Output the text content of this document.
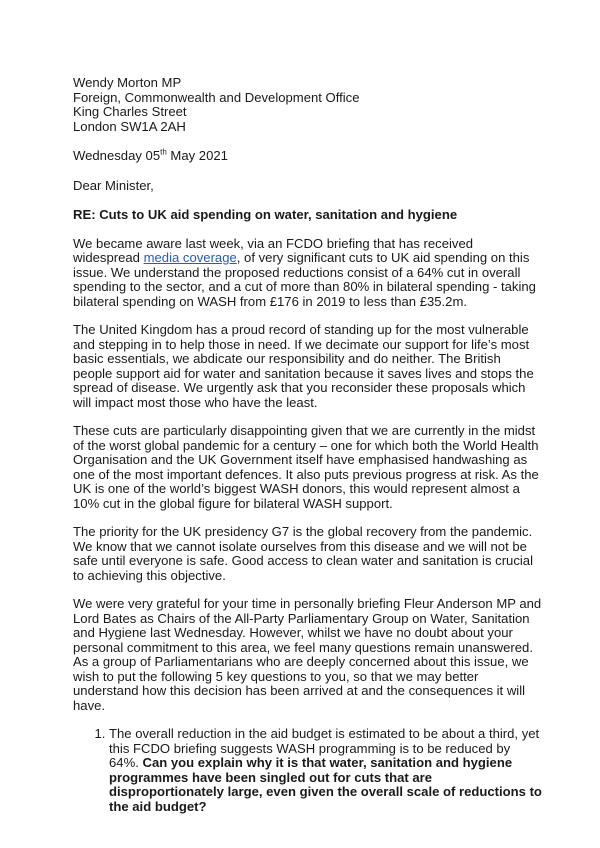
Wendy Morton MP
Foreign, Commonwealth and Development Office
King Charles Street
London SW1A 2AH
Wednesday 05th May 2021

Dear Minister,

RE: Cuts to UK aid spending on water, sanitation and hygiene

We became aware last week, via an FCDO briefing that has received widespread media coverage, of very significant cuts to UK aid spending on this issue. We understand the proposed reductions consist of a 64% cut in overall spending to the sector, and a cut of more than 80% in bilateral spending - taking bilateral spending on WASH from £176 in 2019 to less than £35.2m.

The United Kingdom has a proud record of standing up for the most vulnerable and stepping in to help those in need. If we decimate our support for life’s most basic essentials, we abdicate our responsibility and do neither. The British people support aid for water and sanitation because it saves lives and stops the spread of disease. We urgently ask that you reconsider these proposals which will impact most those who have the least.

These cuts are particularly disappointing given that we are currently in the midst of the worst global pandemic for a century – one for which both the World Health Organisation and the UK Government itself have emphasised handwashing as one of the most important defences. It also puts previous progress at risk. As the UK is one of the world’s biggest WASH donors, this would represent almost a 10% cut in the global figure for bilateral WASH support.

The priority for the UK presidency G7 is the global recovery from the pandemic. We know that we cannot isolate ourselves from this disease and we will not be safe until everyone is safe. Good access to clean water and sanitation is crucial to achieving this objective.

We were very grateful for your time in personally briefing Fleur Anderson MP and Lord Bates as Chairs of the All-Party Parliamentary Group on Water, Sanitation and Hygiene last Wednesday. However, whilst we have no doubt about your personal commitment to this area, we feel many questions remain unanswered. As a group of Parliamentarians who are deeply concerned about this issue, we wish to put the following 5 key questions to you, so that we may better understand how this decision has been arrived at and the consequences it will have.

1. The overall reduction in the aid budget is estimated to be about a third, yet this FCDO briefing suggests WASH programming is to be reduced by 64%. Can you explain why it is that water, sanitation and hygiene programmes have been singled out for cuts that are disproportionately large, even given the overall scale of reductions to the aid budget?
